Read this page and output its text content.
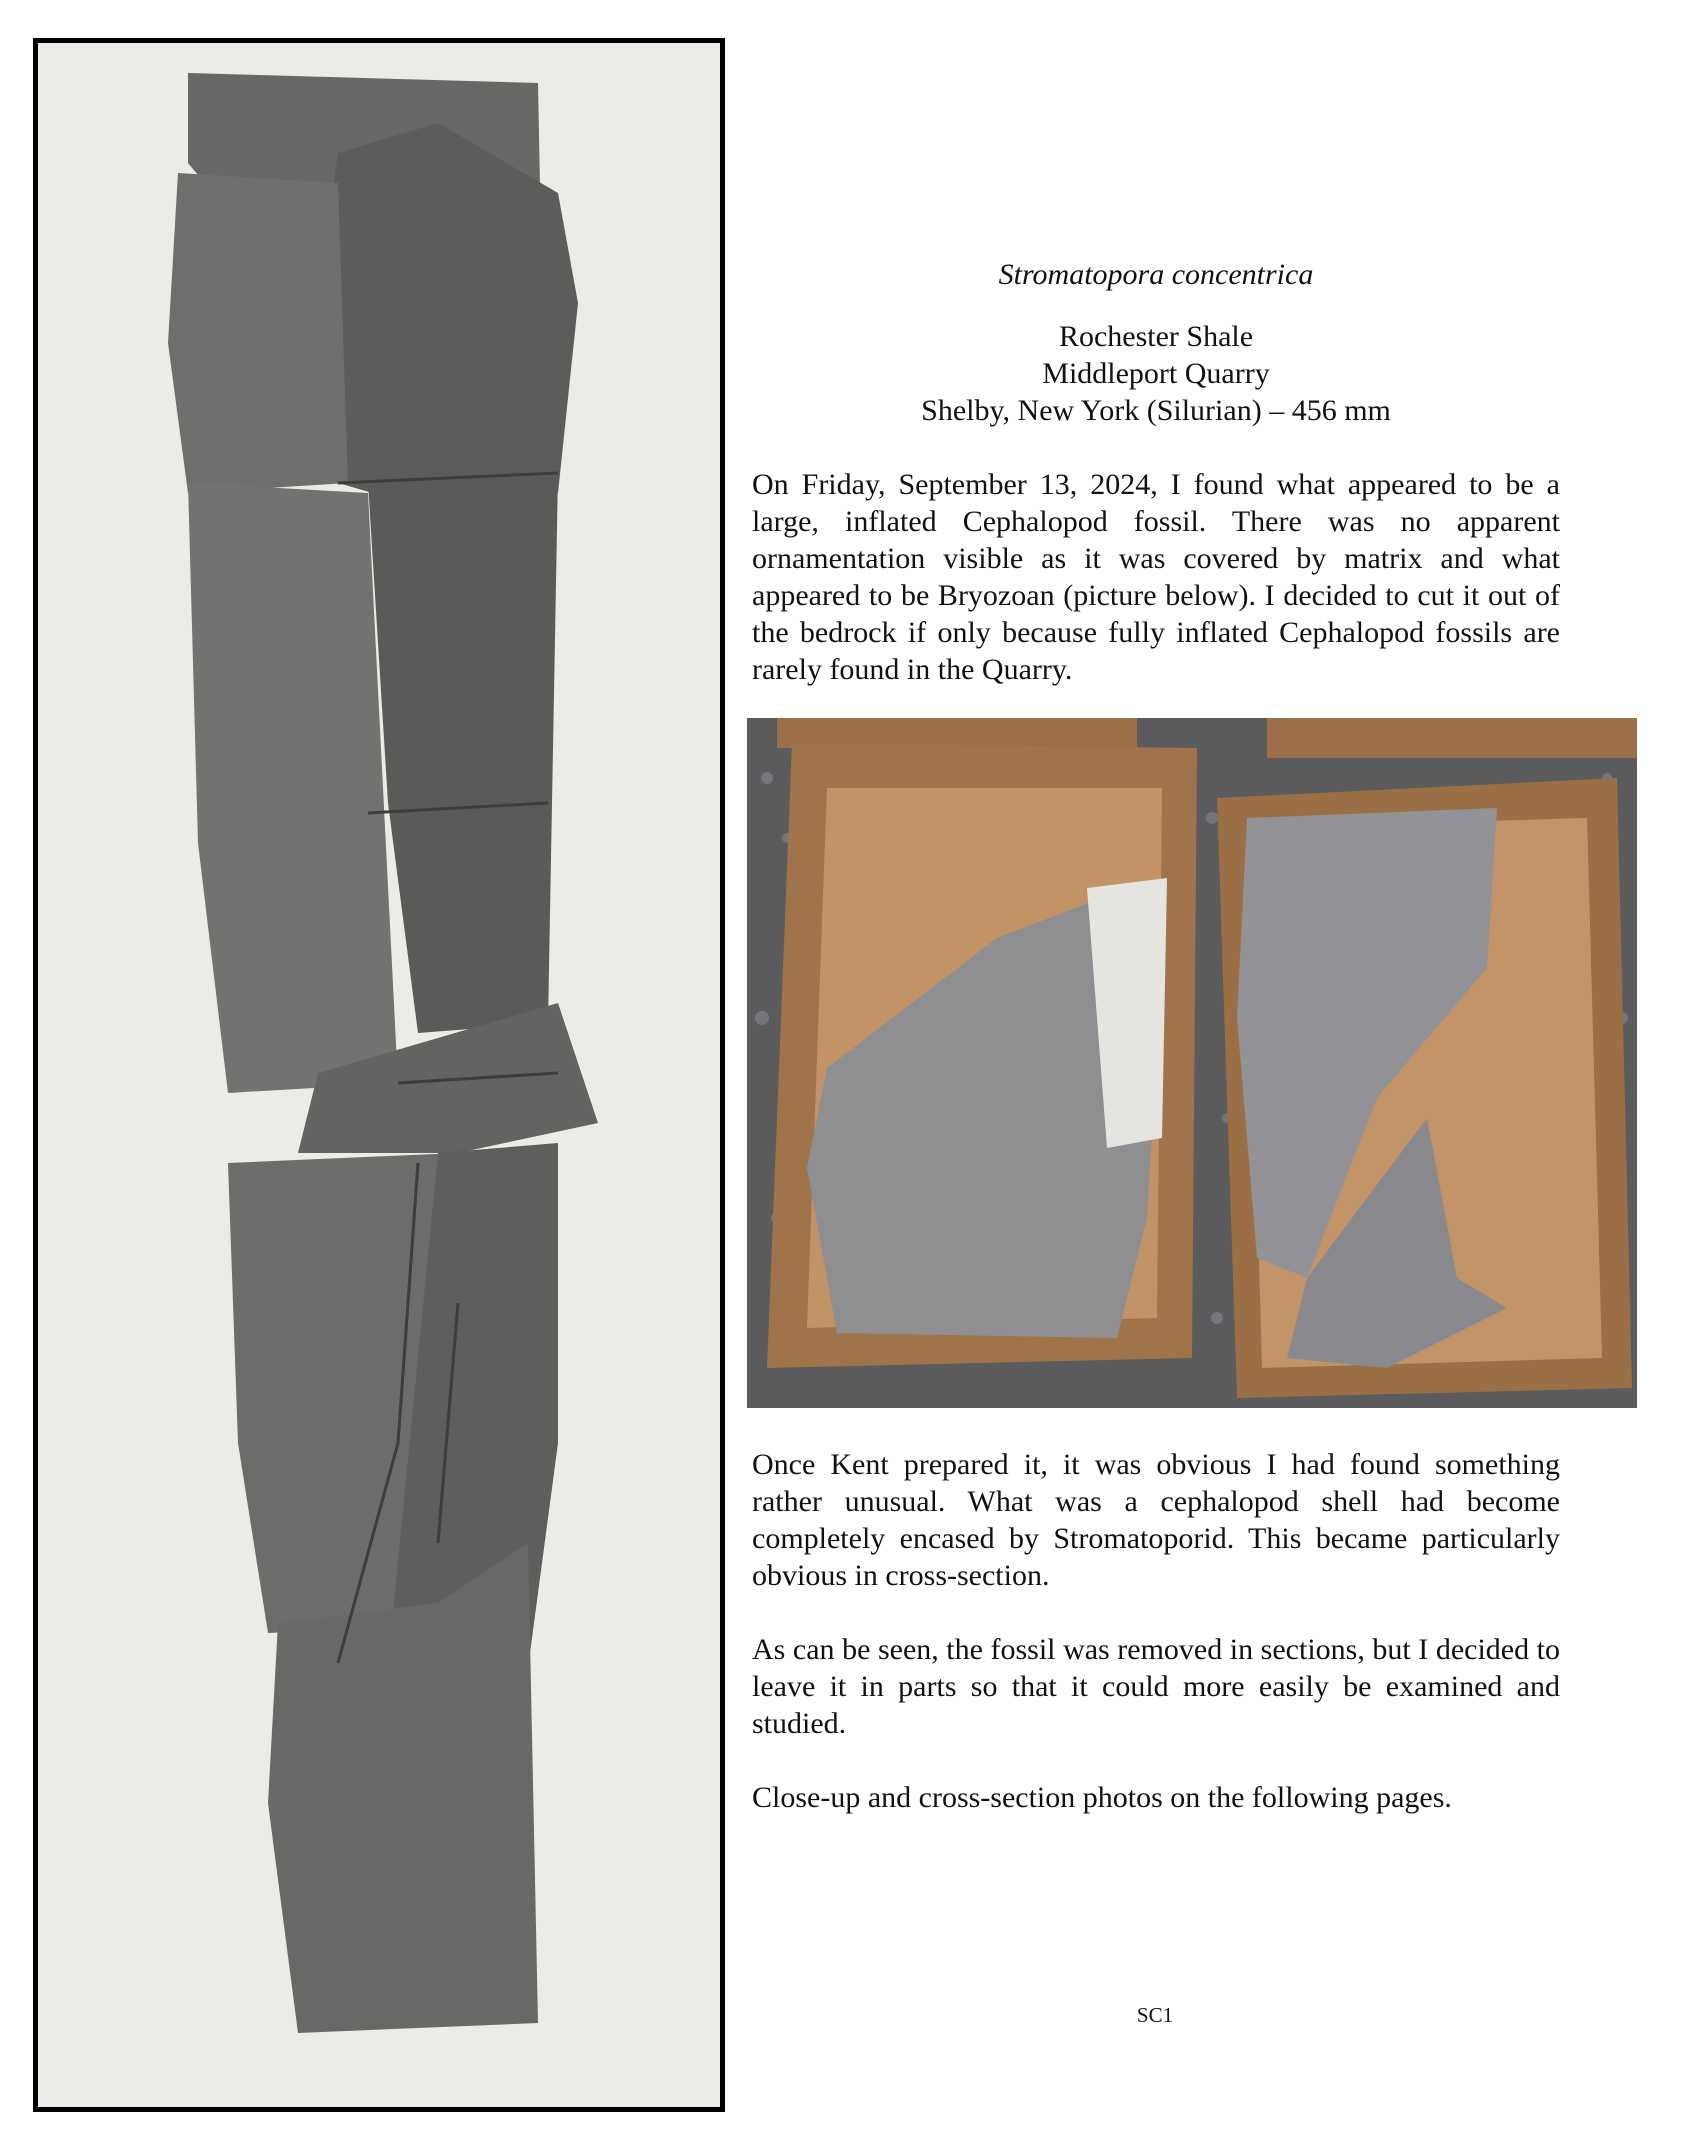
Stromatopora concentrica
Rochester Shale
Middleport Quarry
Shelby, New York (Silurian) – 456 mm

On Friday, September 13, 2024, I found what appeared to be a large, inflated Cephalopod fossil. There was no apparent ornamentation visible as it was covered by matrix and what appeared to be Bryozoan (picture below). I decided to cut it out of the bedrock if only because fully inflated Cephalopod fossils are rarely found in the Quarry.

Once Kent prepared it, it was obvious I had found something rather unusual. What was a cephalopod shell had become completely encased by Stromatoporid. This became particularly obvious in cross-section.

As can be seen, the fossil was removed in sections, but I decided to leave it in parts so that it could more easily be examined and studied.

Close-up and cross-section photos on the following pages.

SC1
